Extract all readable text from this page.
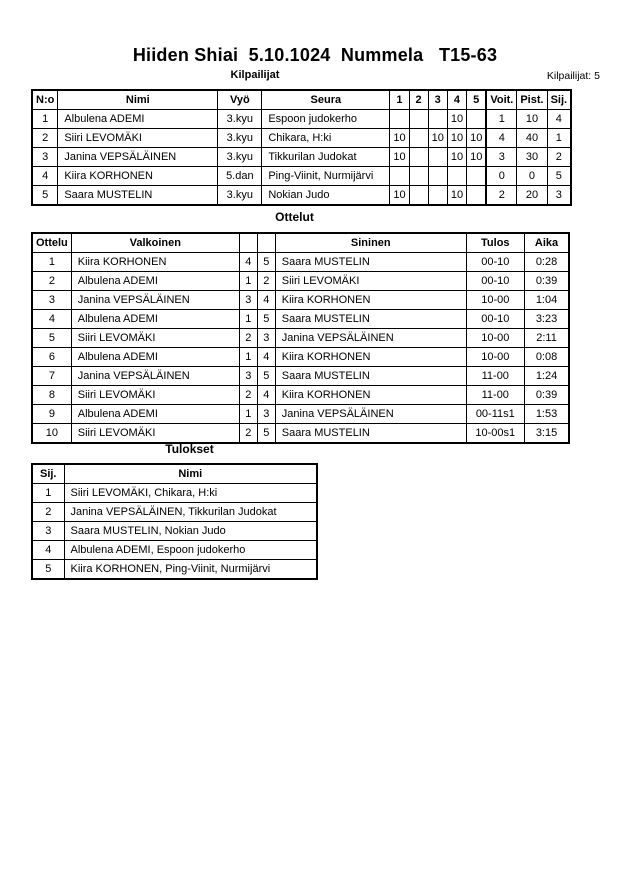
Hiiden Shiai  5.10.1024  Nummela   T15-63
Kilpailijat	Kilpailijat: 5
N:o	Nimi	Vyö	Seura	1	2	3	4	5	Voit.	Pist.	Sij.
1	Albulena ADEMI	3.kyu	Espoon judokerho				10		1	10	4
2	Siiri LEVOMÄKI	3.kyu	Chikara, H:ki	10		10	10	10	4	40	1
3	Janina VEPSÄLÄINEN	3.kyu	Tikkurilan Judokat	10			10	10	3	30	2
4	Kiira KORHONEN	5.dan	Ping-Viinit, Nurmijärvi						0	0	5
5	Saara MUSTELIN	3.kyu	Nokian Judo	10			10		2	20	3
Ottelut
Ottelu	Valkoinen			Sininen	Tulos	Aika
1	Kiira KORHONEN	4	5	Saara MUSTELIN	00-10	0:28
2	Albulena ADEMI	1	2	Siiri LEVOMÄKI	00-10	0:39
3	Janina VEPSÄLÄINEN	3	4	Kiira KORHONEN	10-00	1:04
4	Albulena ADEMI	1	5	Saara MUSTELIN	00-10	3:23
5	Siiri LEVOMÄKI	2	3	Janina VEPSÄLÄINEN	10-00	2:11
6	Albulena ADEMI	1	4	Kiira KORHONEN	10-00	0:08
7	Janina VEPSÄLÄINEN	3	5	Saara MUSTELIN	11-00	1:24
8	Siiri LEVOMÄKI	2	4	Kiira KORHONEN	11-00	0:39
9	Albulena ADEMI	1	3	Janina VEPSÄLÄINEN	00-11s1	1:53
10	Siiri LEVOMÄKI	2	5	Saara MUSTELIN	10-00s1	3:15
Tulokset
Sij.	Nimi
1	Siiri LEVOMÄKI, Chikara, H:ki
2	Janina VEPSÄLÄINEN, Tikkurilan Judokat
3	Saara MUSTELIN, Nokian Judo
4	Albulena ADEMI, Espoon judokerho
5	Kiira KORHONEN, Ping-Viinit, Nurmijärvi
